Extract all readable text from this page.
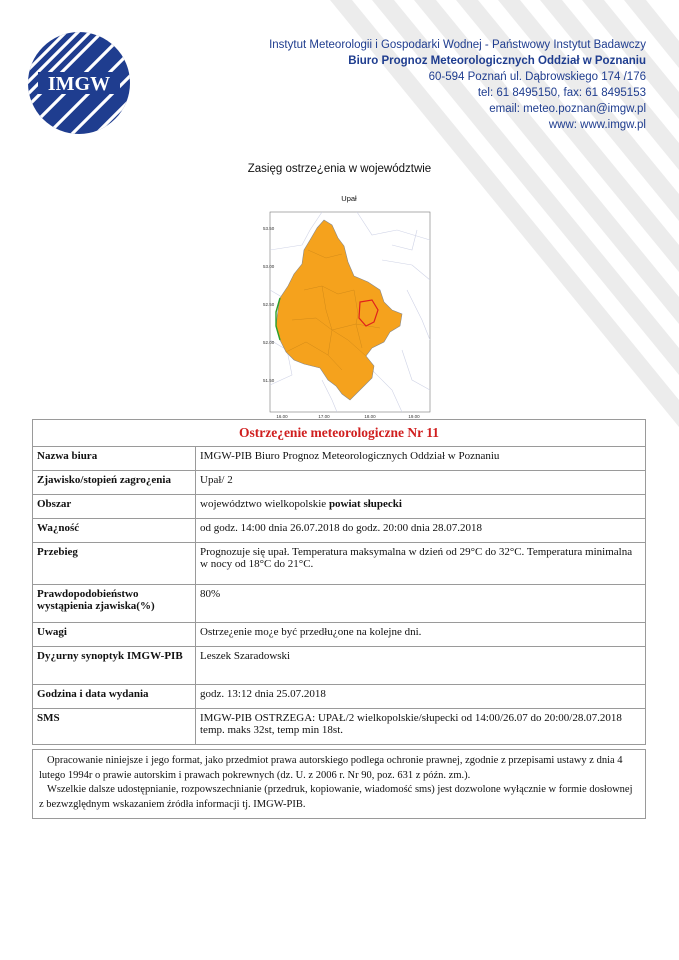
IMGW
Instytut Meteorologii i Gospodarki Wodnej - Państwowy Instytut Badawczy
Biuro Prognoz Meteorologicznych Oddział w Poznaniu
60-594 Poznań ul. Dąbrowskiego 174 /176
tel: 61 8495150, fax: 61 8495153
email: meteo.poznan@imgw.pl
www: www.imgw.pl
Zasięg ostrze¿enia w województwie
Upał
53.50
53.00
52.50
52.00
51.50
16.00	17.00	18.00	19.00
Ostrze¿enie meteorologiczne Nr 11	
Nazwa biura	IMGW-PIB Biuro Prognoz Meteorologicznych Oddział w Poznaniu
Zjawisko/stopień zagro¿enia	Upał/ 2
Obszar	województwo wielkopolskie powiat słupecki
Wa¿ność	od godz. 14:00 dnia 26.07.2018 do godz. 20:00 dnia 28.07.2018
Przebieg	Prognozuje się upał. Temperatura maksymalna w dzień od 29°C do 32°C. Temperatura minimalna w nocy od 18°C do 21°C.
Prawdopodobieństwo wystąpienia zjawiska(%)	80%
Uwagi	Ostrze¿enie mo¿e być przedłu¿one na kolejne dni.
Dy¿urny synoptyk IMGW-PIB	Leszek Szaradowski
Godzina i data wydania	godz. 13:12 dnia 25.07.2018
SMS	IMGW-PIB OSTRZEGA: UPAŁ/2 wielkopolskie/słupecki od 14:00/26.07 do 20:00/28.07.2018 temp. maks 32st, temp min 18st.

Opracowanie niniejsze i jego format, jako przedmiot prawa autorskiego podlega ochronie prawnej, zgodnie z przepisami ustawy z dnia 4 lutego 1994r o prawie autorskim i prawach pokrewnych (dz. U. z 2006 r. Nr 90, poz. 631 z późn. zm.).

Wszelkie dalsze udostępnianie, rozpowszechnianie (przedruk, kopiowanie, wiadomość sms) jest dozwolone wyłącznie w formie dosłownej z bezwzględnym wskazaniem źródła informacji tj. IMGW-PIB.
